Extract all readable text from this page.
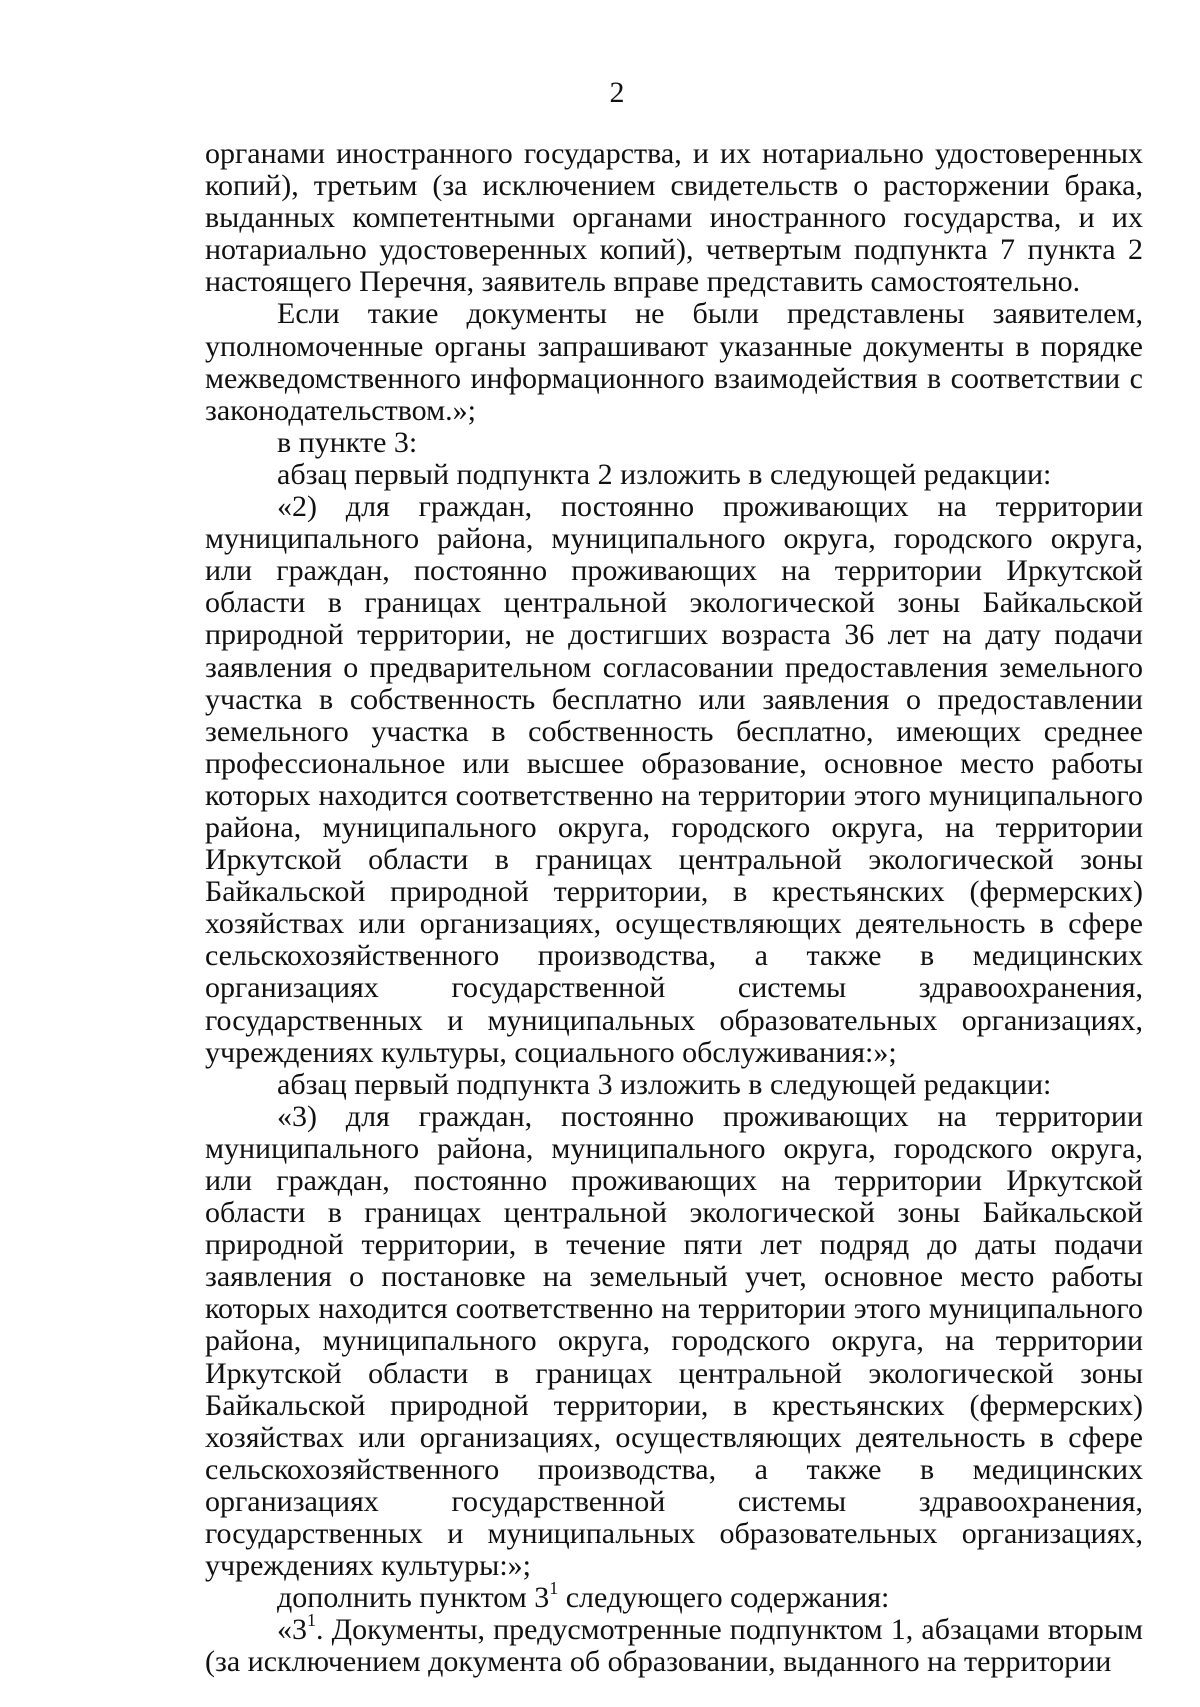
2

органами иностранного государства, и их нотариально удостоверенных копий), третьим (за исключением свидетельств о расторжении брака, выданных компетентными органами иностранного государства, и их нотариально удостоверенных копий), четвертым подпункта 7 пункта 2 настоящего Перечня, заявитель вправе представить самостоятельно.

Если такие документы не были представлены заявителем, уполномоченные органы запрашивают указанные документы в порядке межведомственного информационного взаимодействия в соответствии с законодательством.»;

в пункте 3:

абзац первый подпункта 2 изложить в следующей редакции:

«2) для граждан, постоянно проживающих на территории муниципального района, муниципального округа, городского округа, или граждан, постоянно проживающих на территории Иркутской области в границах центральной экологической зоны Байкальской природной территории, не достигших возраста 36 лет на дату подачи заявления о предварительном согласовании предоставления земельного участка в собственность бесплатно или заявления о предоставлении земельного участка в собственность бесплатно, имеющих среднее профессиональное или высшее образование, основное место работы которых находится соответственно на территории этого муниципального района, муниципального округа, городского округа, на территории Иркутской области в границах центральной экологической зоны Байкальской природной территории, в крестьянских (фермерских) хозяйствах или организациях, осуществляющих деятельность в сфере сельскохозяйственного производства, а также в медицинских организациях государственной системы здравоохранения, государственных и муниципальных образовательных организациях, учреждениях культуры, социального обслуживания:»;

абзац первый подпункта 3 изложить в следующей редакции:

«3) для граждан, постоянно проживающих на территории муниципального района, муниципального округа, городского округа, или граждан, постоянно проживающих на территории Иркутской области в границах центральной экологической зоны Байкальской природной территории, в течение пяти лет подряд до даты подачи заявления о постановке на земельный учет, основное место работы которых находится соответственно на территории этого муниципального района, муниципального округа, городского округа, на территории Иркутской области в границах центральной экологической зоны Байкальской природной территории, в крестьянских (фермерских) хозяйствах или организациях, осуществляющих деятельность в сфере сельскохозяйственного производства, а также в медицинских организациях государственной системы здравоохранения, государственных и муниципальных образовательных организациях, учреждениях культуры:»;

дополнить пунктом $3^1$ следующего содержания:

«$3^1$. Документы, предусмотренные подпунктом 1, абзацами вторым (за исключением документа об образовании, выданного на территории
